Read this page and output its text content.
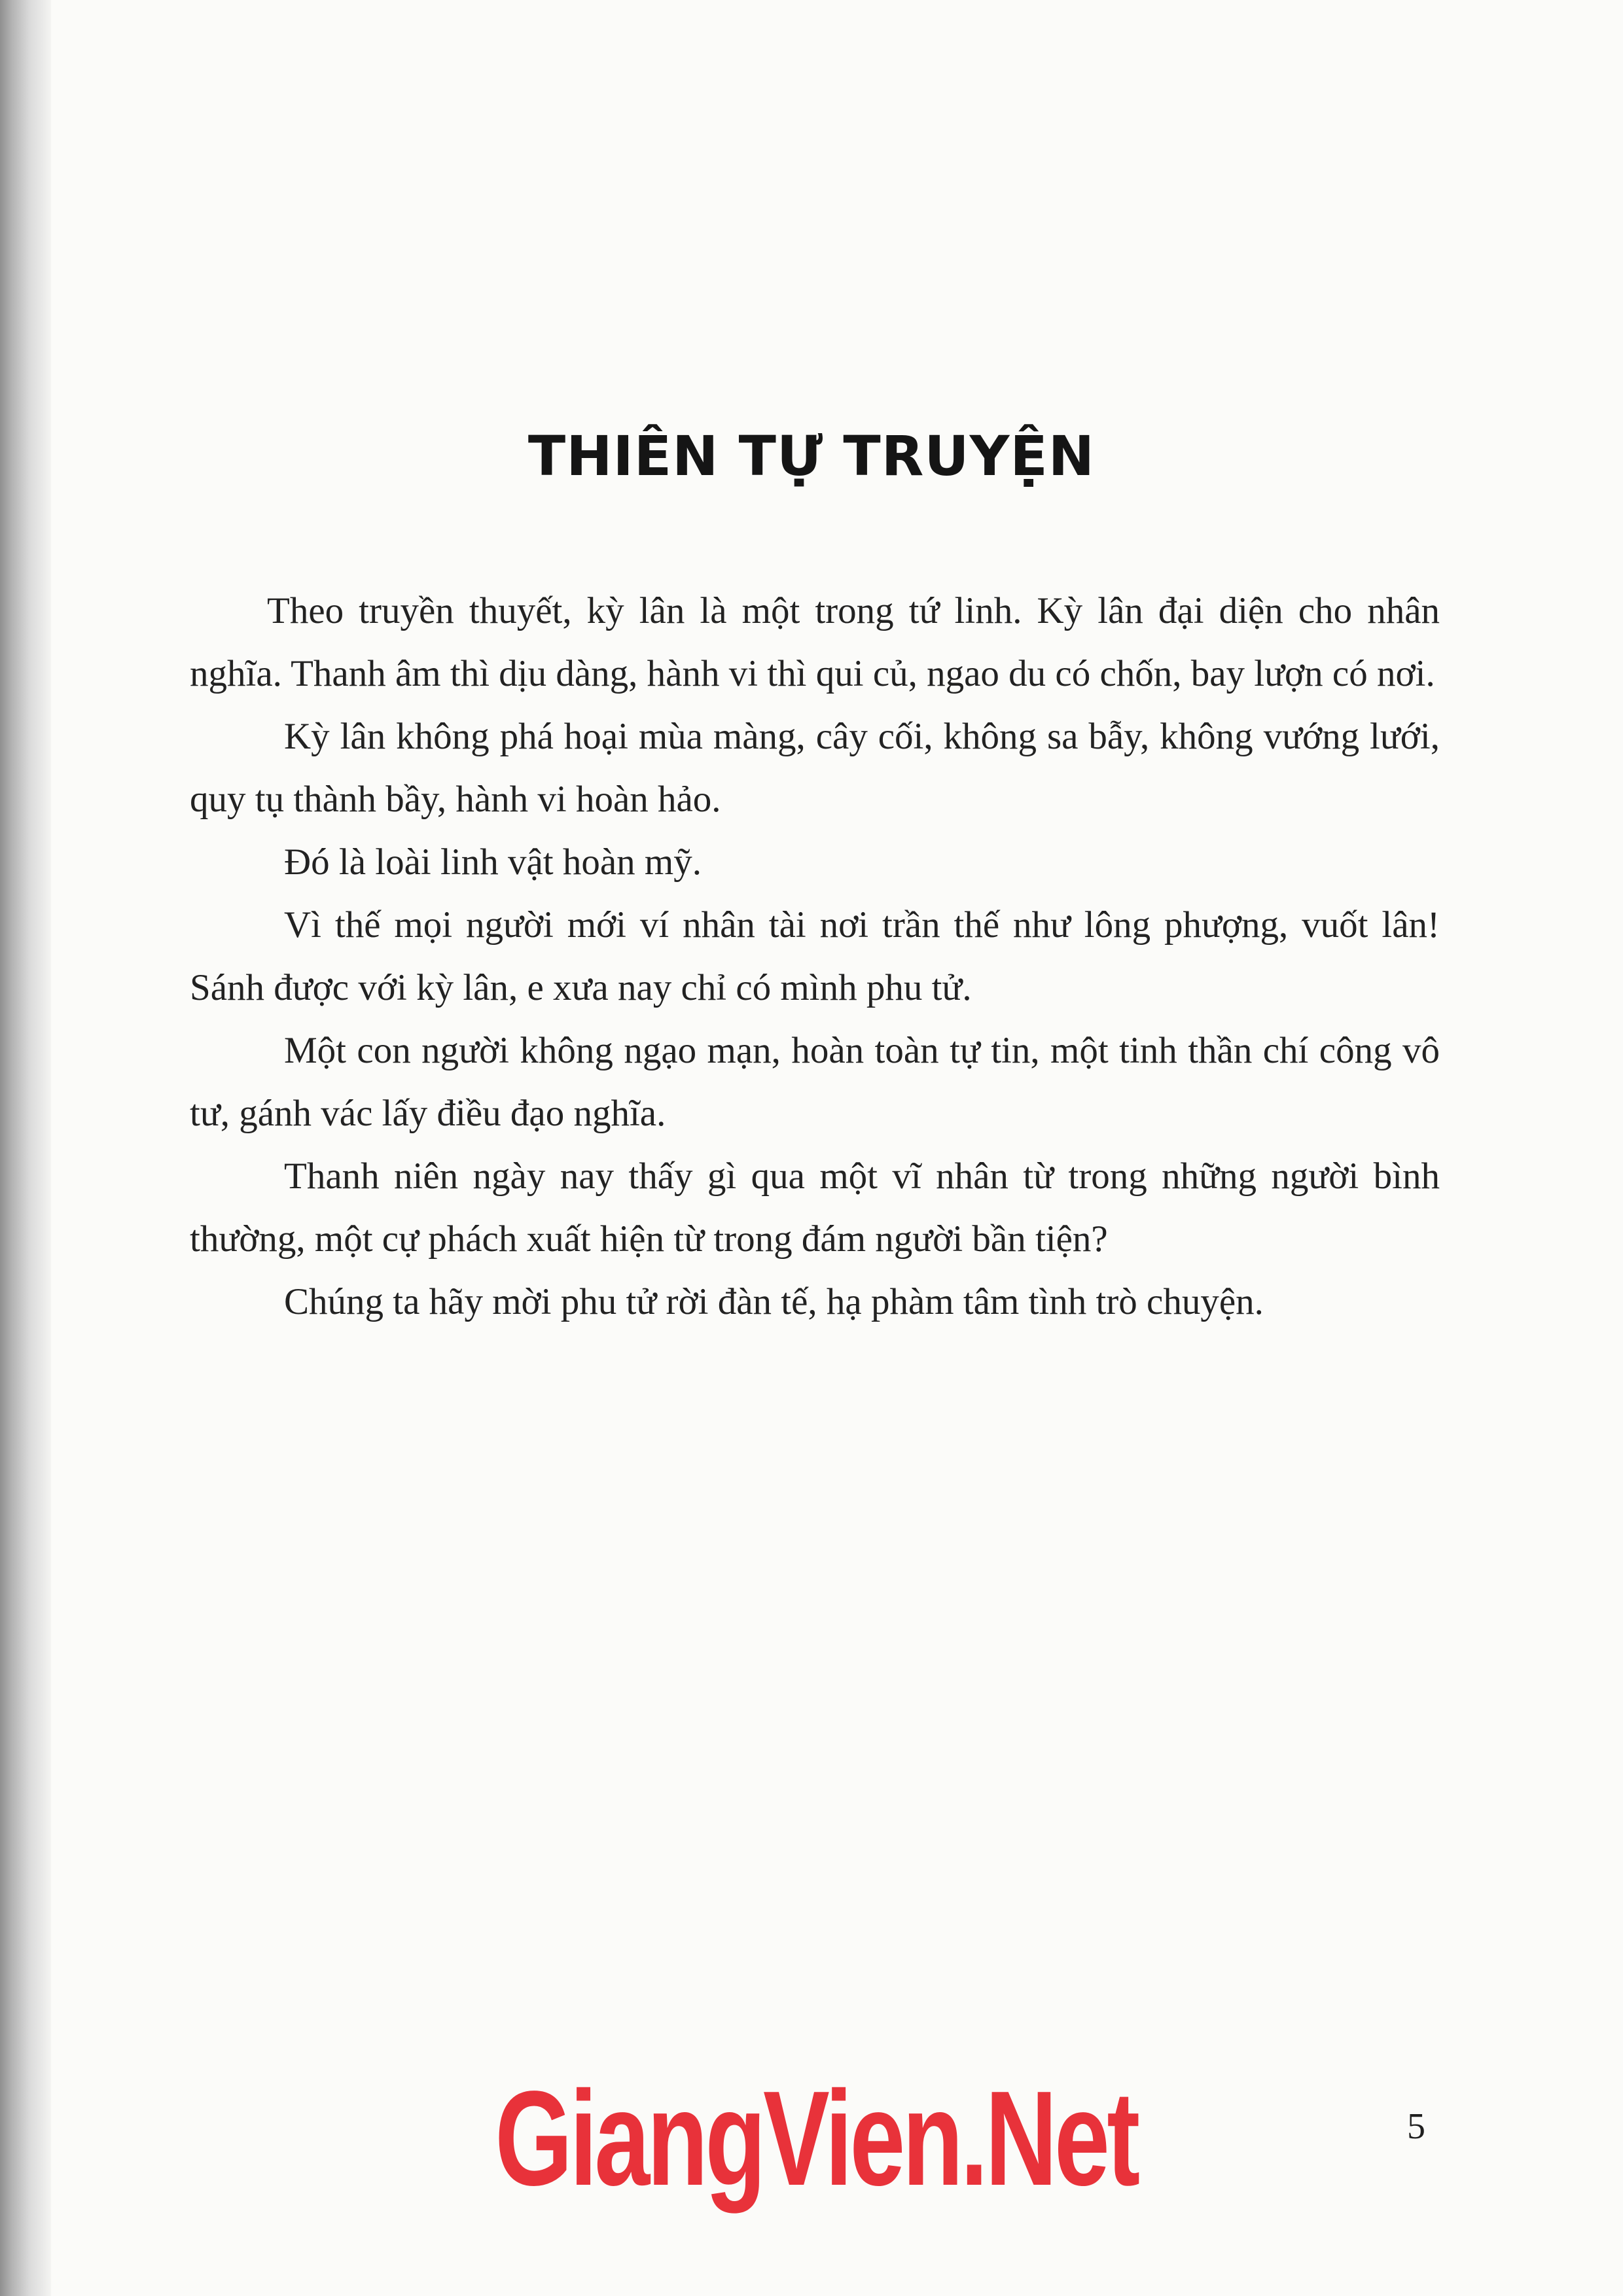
THIÊN TỰ TRUYỆN

Theo truyền thuyết, kỳ lân là một trong tứ linh. Kỳ lân đại diện cho nhân nghĩa. Thanh âm thì dịu dàng, hành vi thì qui củ, ngao du có chốn, bay lượn có nơi.

Kỳ lân không phá hoại mùa màng, cây cối, không sa bẫy, không vướng lưới, quy tụ thành bầy, hành vi hoàn hảo.

Đó là loài linh vật hoàn mỹ.

Vì thế mọi người mới ví nhân tài nơi trần thế như lông phượng, vuốt lân! Sánh được với kỳ lân, e xưa nay chỉ có mình phu tử.

Một con người không ngạo mạn, hoàn toàn tự tin, một tinh thần chí công vô tư, gánh vác lấy điều đạo nghĩa.

Thanh niên ngày nay thấy gì qua một vĩ nhân từ trong những người bình thường, một cự phách xuất hiện từ trong đám người bần tiện?

Chúng ta hãy mời phu tử rời đàn tế, hạ phàm tâm tình trò chuyện.

GiangVien.Net	5
